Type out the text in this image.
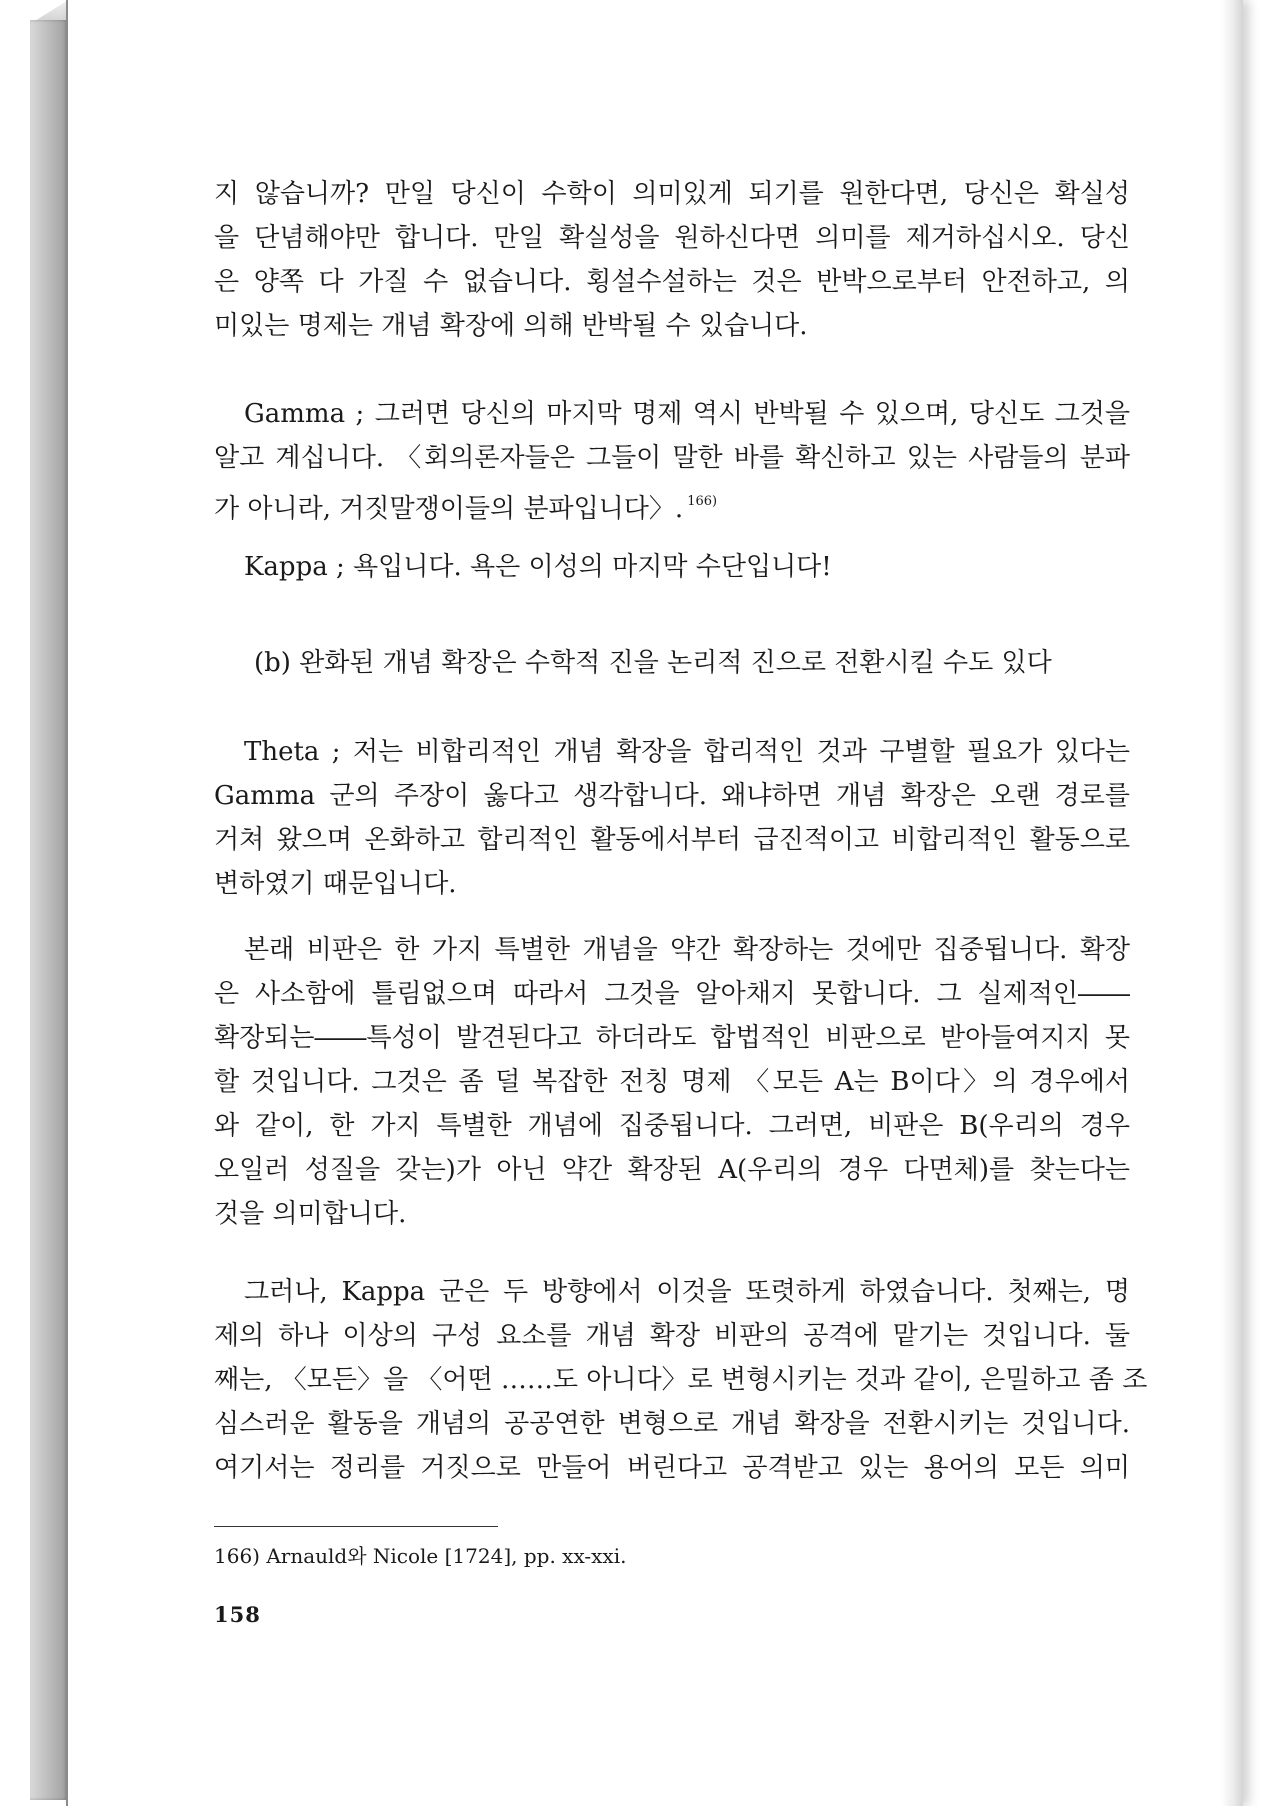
지 않습니까? 만일 당신이 수학이 의미있게 되기를 원한다면, 당신은 확실성
을 단념해야만 합니다. 만일 확실성을 원하신다면 의미를 제거하십시오. 당신
은 양쪽 다 가질 수 없습니다. 횡설수설하는 것은 반박으로부터 안전하고, 의
미있는 명제는 개념 확장에 의해 반박될 수 있습니다.
Gamma ; 그러면 당신의 마지막 명제 역시 반박될 수 있으며, 당신도 그것을
알고 계십니다. 〈회의론자들은 그들이 말한 바를 확신하고 있는 사람들의 분파
가 아니라, 거짓말쟁이들의 분파입니다〉. $^{166)}$
Kappa ; 욕입니다. 욕은 이성의 마지막 수단입니다!
Theta ; 저는 비합리적인 개념 확장을 합리적인 것과 구별할 필요가 있다는
Gamma 군의 주장이 옳다고 생각합니다. 왜냐하면 개념 확장은 오랜 경로를
거쳐 왔으며 온화하고 합리적인 활동에서부터 급진적이고 비합리적인 활동으로
변하였기 때문입니다.
본래 비판은 한 가지 특별한 개념을 약간 확장하는 것에만 집중됩니다. 확장
은 사소함에 틀림없으며 따라서 그것을 알아채지 못합니다. 그 실제적인――
확장되는――특성이 발견된다고 하더라도 합법적인 비판으로 받아들여지지 못
할 것입니다. 그것은 좀 덜 복잡한 전칭 명제 〈모든 A는 B이다〉의 경우에서
와 같이, 한 가지 특별한 개념에 집중됩니다. 그러면, 비판은 B(우리의 경우
오일러 성질을 갖는)가 아닌 약간 확장된 A(우리의 경우 다면체)를 찾는다는
것을 의미합니다.
그러나, Kappa 군은 두 방향에서 이것을 또렷하게 하였습니다. 첫째는, 명
제의 하나 이상의 구성 요소를 개념 확장 비판의 공격에 맡기는 것입니다. 둘
째는, 〈모든〉을 〈어떤 ……도 아니다〉로 변형시키는 것과 같이, 은밀하고 좀 조
심스러운 활동을 개념의 공공연한 변형으로 개념 확장을 전환시키는 것입니다.
여기서는 정리를 거짓으로 만들어 버린다고 공격받고 있는 용어의 모든 의미
(b) 완화된 개념 확장은 수학적 진을 논리적 진으로 전환시킬 수도 있다
166) Arnauld와 Nicole [1724], pp. xx-xxi.
158
